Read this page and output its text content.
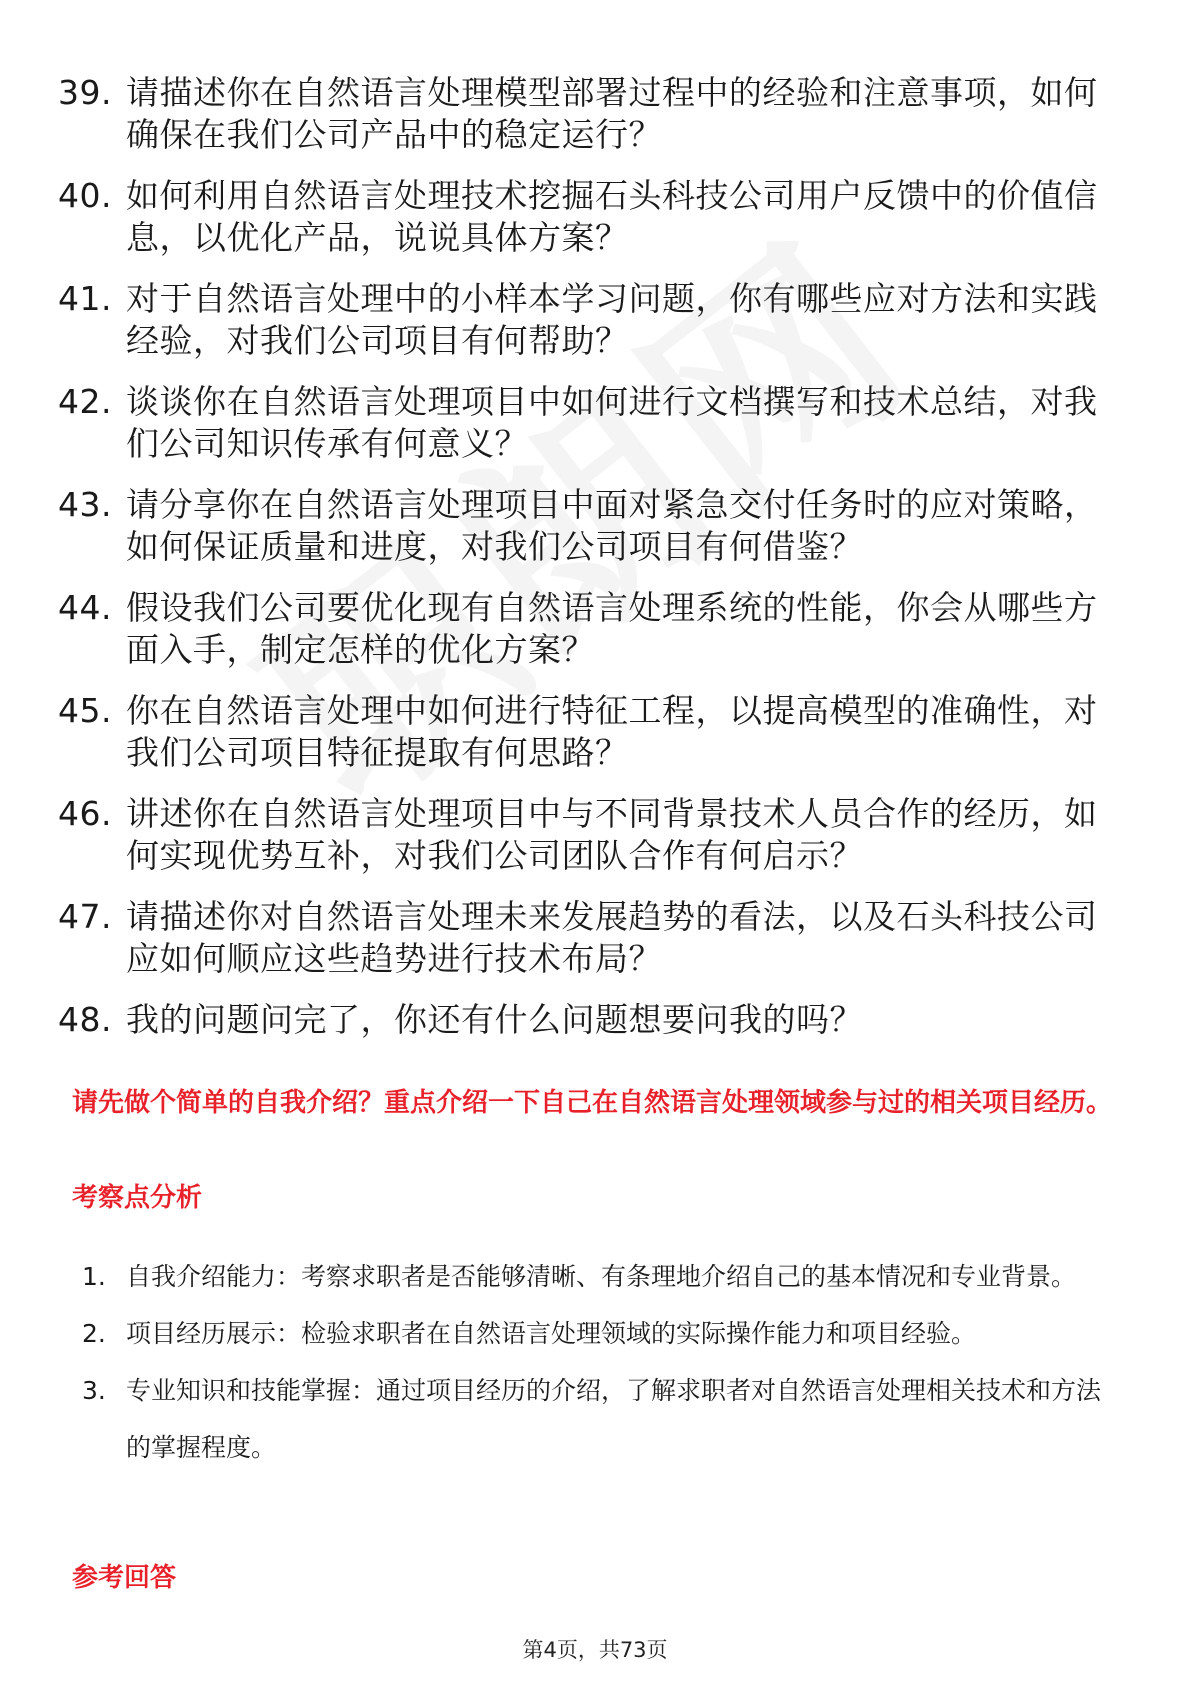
39. 请描述你在自然语言处理模型部署过程中的经验和注意事项，如何确保在我们公司产品中的稳定运行？
40. 如何利用自然语言处理技术挖掘石头科技公司用户反馈中的价值信息，以优化产品，说说具体方案？
41. 对于自然语言处理中的小样本学习问题，你有哪些应对方法和实践经验，对我们公司项目有何帮助？
42. 谈谈你在自然语言处理项目中如何进行文档撰写和技术总结，对我们公司知识传承有何意义？
43. 请分享你在自然语言处理项目中面对紧急交付任务时的应对策略，如何保证质量和进度，对我们公司项目有何借鉴？
44. 假设我们公司要优化现有自然语言处理系统的性能，你会从哪些方面入手，制定怎样的优化方案？
45. 你在自然语言处理中如何进行特征工程，以提高模型的准确性，对我们公司项目特征提取有何思路？
46. 讲述你在自然语言处理项目中与不同背景技术人员合作的经历，如何实现优势互补，对我们公司团队合作有何启示？
47. 请描述你对自然语言处理未来发展趋势的看法，以及石头科技公司应如何顺应这些趋势进行技术布局？
48. 我的问题问完了，你还有什么问题想要问我的吗？

请先做个简单的自我介绍？重点介绍一下自己在自然语言处理领域参与过的相关项目经历。

考察点分析

1. 自我介绍能力：考察求职者是否能够清晰、有条理地介绍自己的基本情况和专业背景。
2. 项目经历展示：检验求职者在自然语言处理领域的实际操作能力和项目经验。
3. 专业知识和技能掌握：通过项目经历的介绍，了解求职者对自然语言处理相关技术和方法的掌握程度。

参考回答

第4页，共73页
